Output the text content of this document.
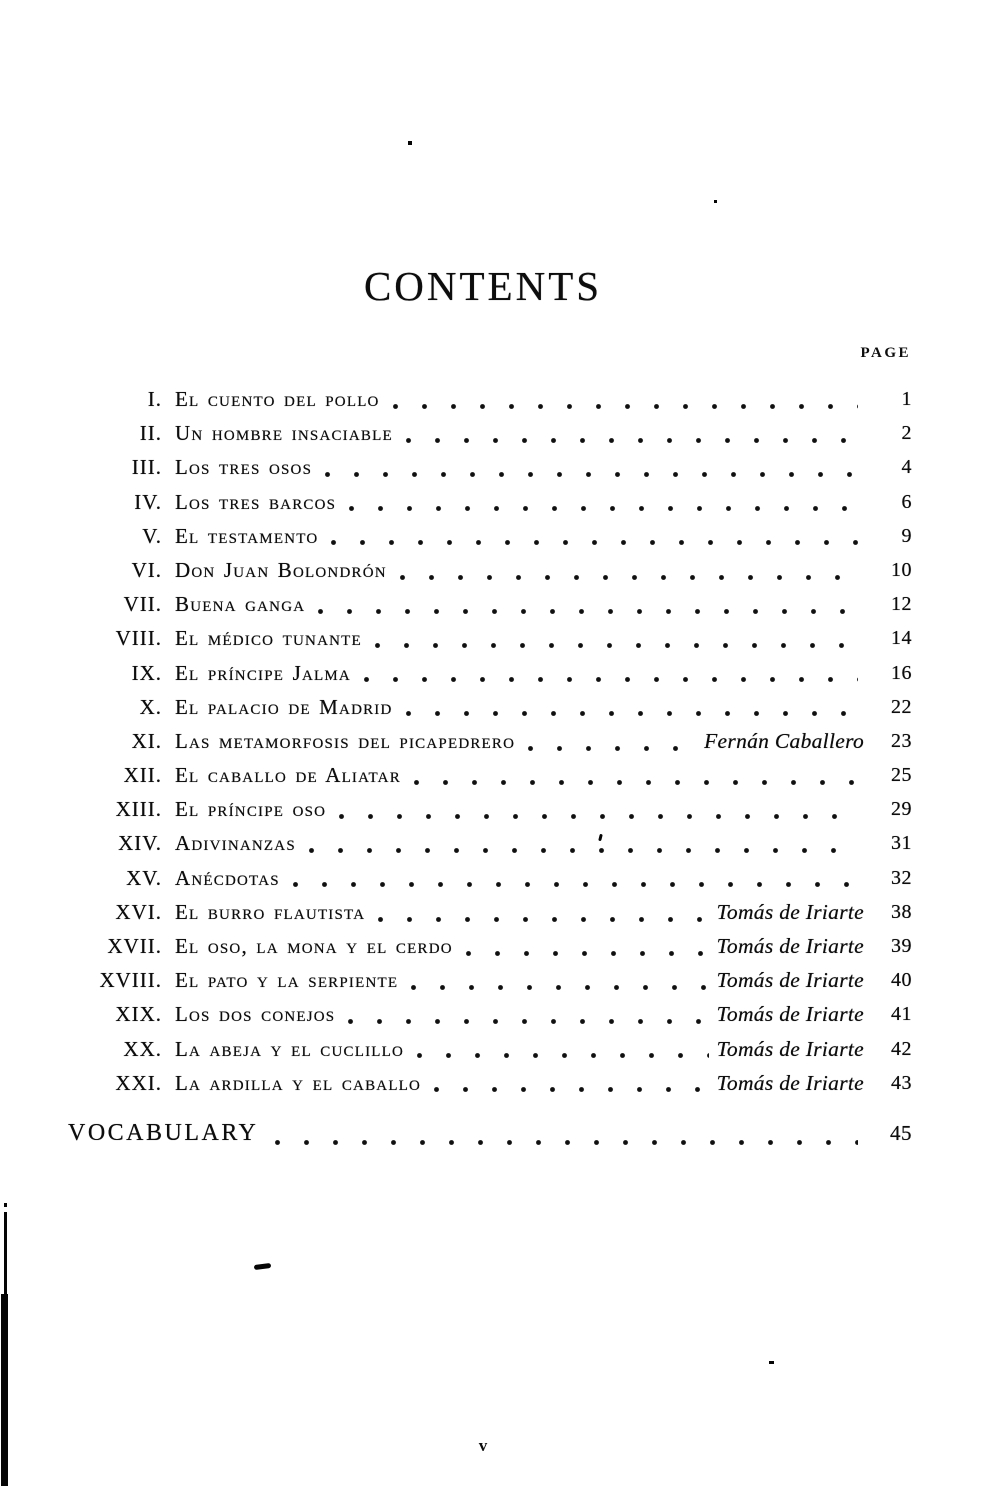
CONTENTS
PAGE
I. El cuento del pollo	1
II. Un hombre insaciable	2
III. Los tres osos	4
IV. Los tres barcos	6
V. El testamento	9
VI. Don Juan Bolondrón	10
VII. Buena ganga	12
VIII. El médico tunante	14
IX. El príncipe Jalma	16
X. El palacio de Madrid	22
XI. Las metamorfosis del picapedrero	Fernán Caballero	23
XII. El caballo de Aliatar	25
XIII. El príncipe oso	29
XIV. Adivinanzas	31
XV. Anécdotas	32
XVI. El burro flautista	Tomás de Iriarte	38
XVII. El oso, la mona y el cerdo	Tomás de Iriarte	39
XVIII. El pato y la serpiente	Tomás de Iriarte	40
XIX. Los dos conejos	Tomás de Iriarte	41
XX. La abeja y el cuclillo	Tomás de Iriarte	42
XXI. La ardilla y el caballo	Tomás de Iriarte	43
VOCABULARY	45
v
